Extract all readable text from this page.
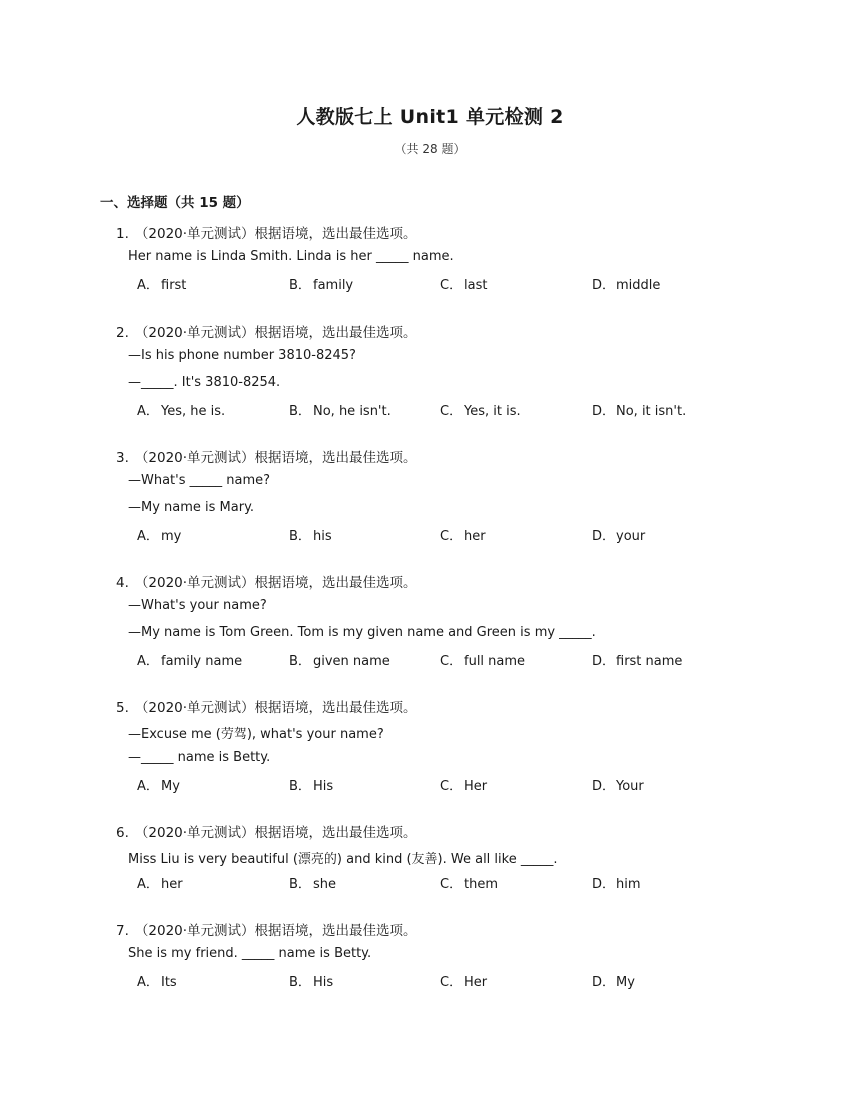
人教版七上 Unit1 单元检测 2
（共 28 题）
一、选择题（共 15 题）
1. （2020·单元测试）根据语境，选出最佳选项。
Her name is Linda Smith. Linda is her _____ name.
A． first	B． family	C． last	D．middle
2. （2020·单元测试）根据语境，选出最佳选项。
—Is his phone number 3810-8245?
—_____. It's 3810-8254.
A． Yes, he is.	B． No, he isn't.	C． Yes, it is.	D．No, it isn't.
3. （2020·单元测试）根据语境，选出最佳选项。
—What's _____ name?
—My name is Mary.
A． my	B． his	C． her	D．your
4. （2020·单元测试）根据语境，选出最佳选项。
—What's your name?
—My name is Tom Green. Tom is my given name and Green is my _____.
A． family name	B． given name	C． full name	D．first name
5. （2020·单元测试）根据语境，选出最佳选项。
—Excuse me (劳驾), what's your name?
—_____ name is Betty.
A． My	B． His	C． Her	D．Your
6. （2020·单元测试）根据语境，选出最佳选项。
Miss Liu is very beautiful (漂亮的) and kind (友善). We all like _____.
A． her	B． she	C． them	D．him
7. （2020·单元测试）根据语境，选出最佳选项。
She is my friend. _____ name is Betty.
A． Its	B． His	C． Her	D．My
